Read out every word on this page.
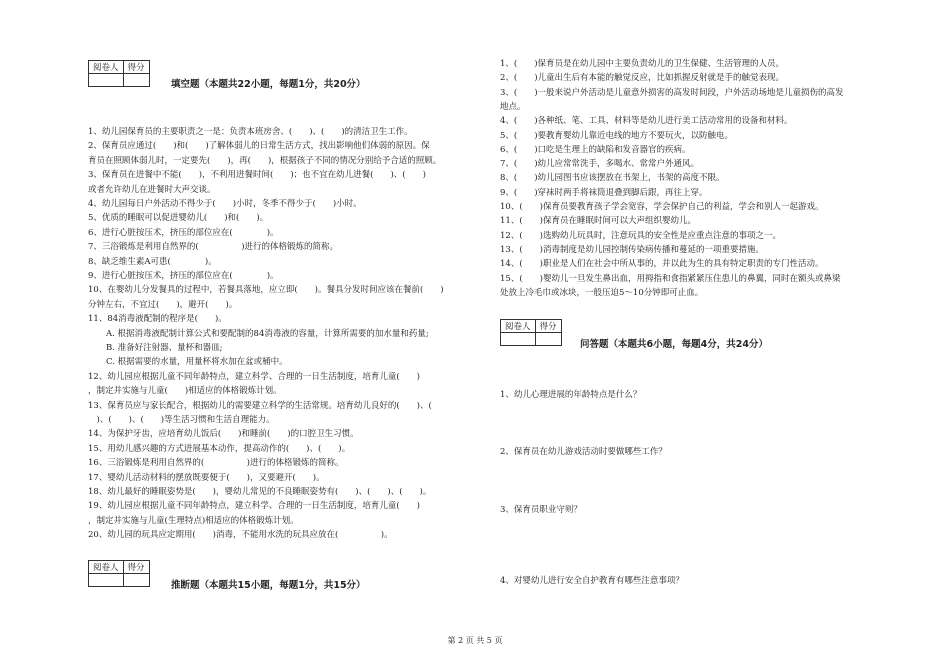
阅卷人	得分

填空题（本题共22小题，每题1分，共20分）
1、幼儿园保育员的主要职责之一是：负责本班房舍、(　　)、(　　)的清洁卫生工作。
2、保育员应通过(　　)和(　　)了解体弱儿的日常生活方式，找出影响他们体弱的原因。保
育员在照顾体弱儿时，一定要先(　　)，再(　　)，根据孩子不同的情况分别给予合适的照顾。
3、保育员在进餐中不能(　　)，不利用进餐时间(　　)；也不宜在幼儿进餐(　　)、(　　)
或者允许幼儿在进餐时大声交谈。
4、幼儿园每日户外活动不得少于(　　)小时，冬季不得少于(　　)小时。
5、优质的睡眠可以促进婴幼儿(　　)和(　　)。
6、进行心脏按压术，挤压的部位应在(　　　　)。
7、三浴锻炼是利用自然界的(　　　　　)进行的体格锻炼的简称。
8、缺乏维生素A可患(　　　　)。
9、进行心脏按压术，挤压的部位应在(　　　　)。
10、在婴幼儿分发餐具的过程中，若餐具落地，应立即(　　)。餐具分发时间应该在餐前(　　)
分钟左右，不宜过(　　)，避开(　　)。
11、84消毒液配制的程序是(　　)。
A. 根据消毒液配制计算公式和要配制的84消毒液的容量，计算所需要的加水量和药量;
B. 准备好注射器、量杯和器皿;
C. 根据需要的水量，用量杯将水加在盆或桶中。
12、幼儿园应根据儿童不同年龄特点，建立科学、合理的一日生活制度，培育儿童(　　)
，制定并实施与儿童(　　)相适应的体格锻炼计划。
13、保育员应与家长配合，根据幼儿的需要建立科学的生活常规。培育幼儿良好的(　　)、(
　)、(　　)、(　　)等生活习惯和生活自理能力。
14、为保护牙齿，应培育幼儿饭后(　　)和睡前(　　)的口腔卫生习惯。
15、用幼儿感兴趣的方式进展基本动作，提高动作的(　　)、(　　)。
16、三浴锻炼是利用自然界的(　　　　　)进行的体格锻炼的简称。
17、婴幼儿活动材料的摆放既要便于(　　)，又要避开(　　)。
18、幼儿最好的睡眠姿势是(　　)，婴幼儿常见的不良睡眠姿势有(　　)、(　　)、(　　)。
19、幼儿园应根据儿童不同年龄特点，建立科学、合理的一日生活制度，培育儿童(　　)
，制定并实施与儿童(生理特点)相适应的体格锻炼计划。
20、幼儿园的玩具应定期用(　　)消毒，不能用水洗的玩具应放在(　　　　　)。
阅卷人	得分

推断题（本题共15小题，每题1分，共15分）
1、(　　)保育员是在幼儿园中主要负责幼儿的卫生保健、生活管理的人员。
2、(　　)儿童出生后有本能的触觉反应，比如抓握反射就是手的触觉表现。
3、(　　)一般来说户外活动是儿童意外损害的高发时间段，户外活动场地是儿童损伤的高发
地点。
4、(　　)各种纸、笔、工具、材料等是幼儿进行美工活动常用的设备和材料。
5、(　　)要教育婴幼儿靠近电线的地方不要玩火，以防触电。
6、(　　)口吃是生理上的缺陷和发音器官的疾病。
7、(　　)幼儿应常常洗手，多喝水、常常户外通风。
8、(　　)幼儿园图书应该摆放在书架上，书架的高度不限。
9、(　　)穿袜时两手将袜筒退叠到脚后跟，再往上穿。
10、(　　)保育员要教育孩子学会宽容，学会保护自己的利益，学会和别人一起游戏。
11、(　　)保育员在睡眠时间可以大声组织婴幼儿。
12、(　　)选购幼儿玩具时，注意玩具的安全性是应重点注意的事项之一。
13、(　　)消毒制度是幼儿园控制传染病传播和蔓延的一项重要措施。
14、(　　)职业是人们在社会中所从事的，并以此为生的具有特定职责的专门性活动。
15、(　　)婴幼儿一旦发生鼻出血，用拇指和食指紧紧压住患儿的鼻翼，同时在额头或鼻梁
处放上冷毛巾或冰块，一般压迫5～10分钟即可止血。
阅卷人	得分

问答题（本题共6小题，每题4分，共24分）
1、幼儿心理进展的年龄特点是什么？
2、保育员在幼儿游戏活动时要做哪些工作？
3、保育员职业守则？
4、对婴幼儿进行安全自护教育有哪些注意事项？
第 2 页 共 5 页
